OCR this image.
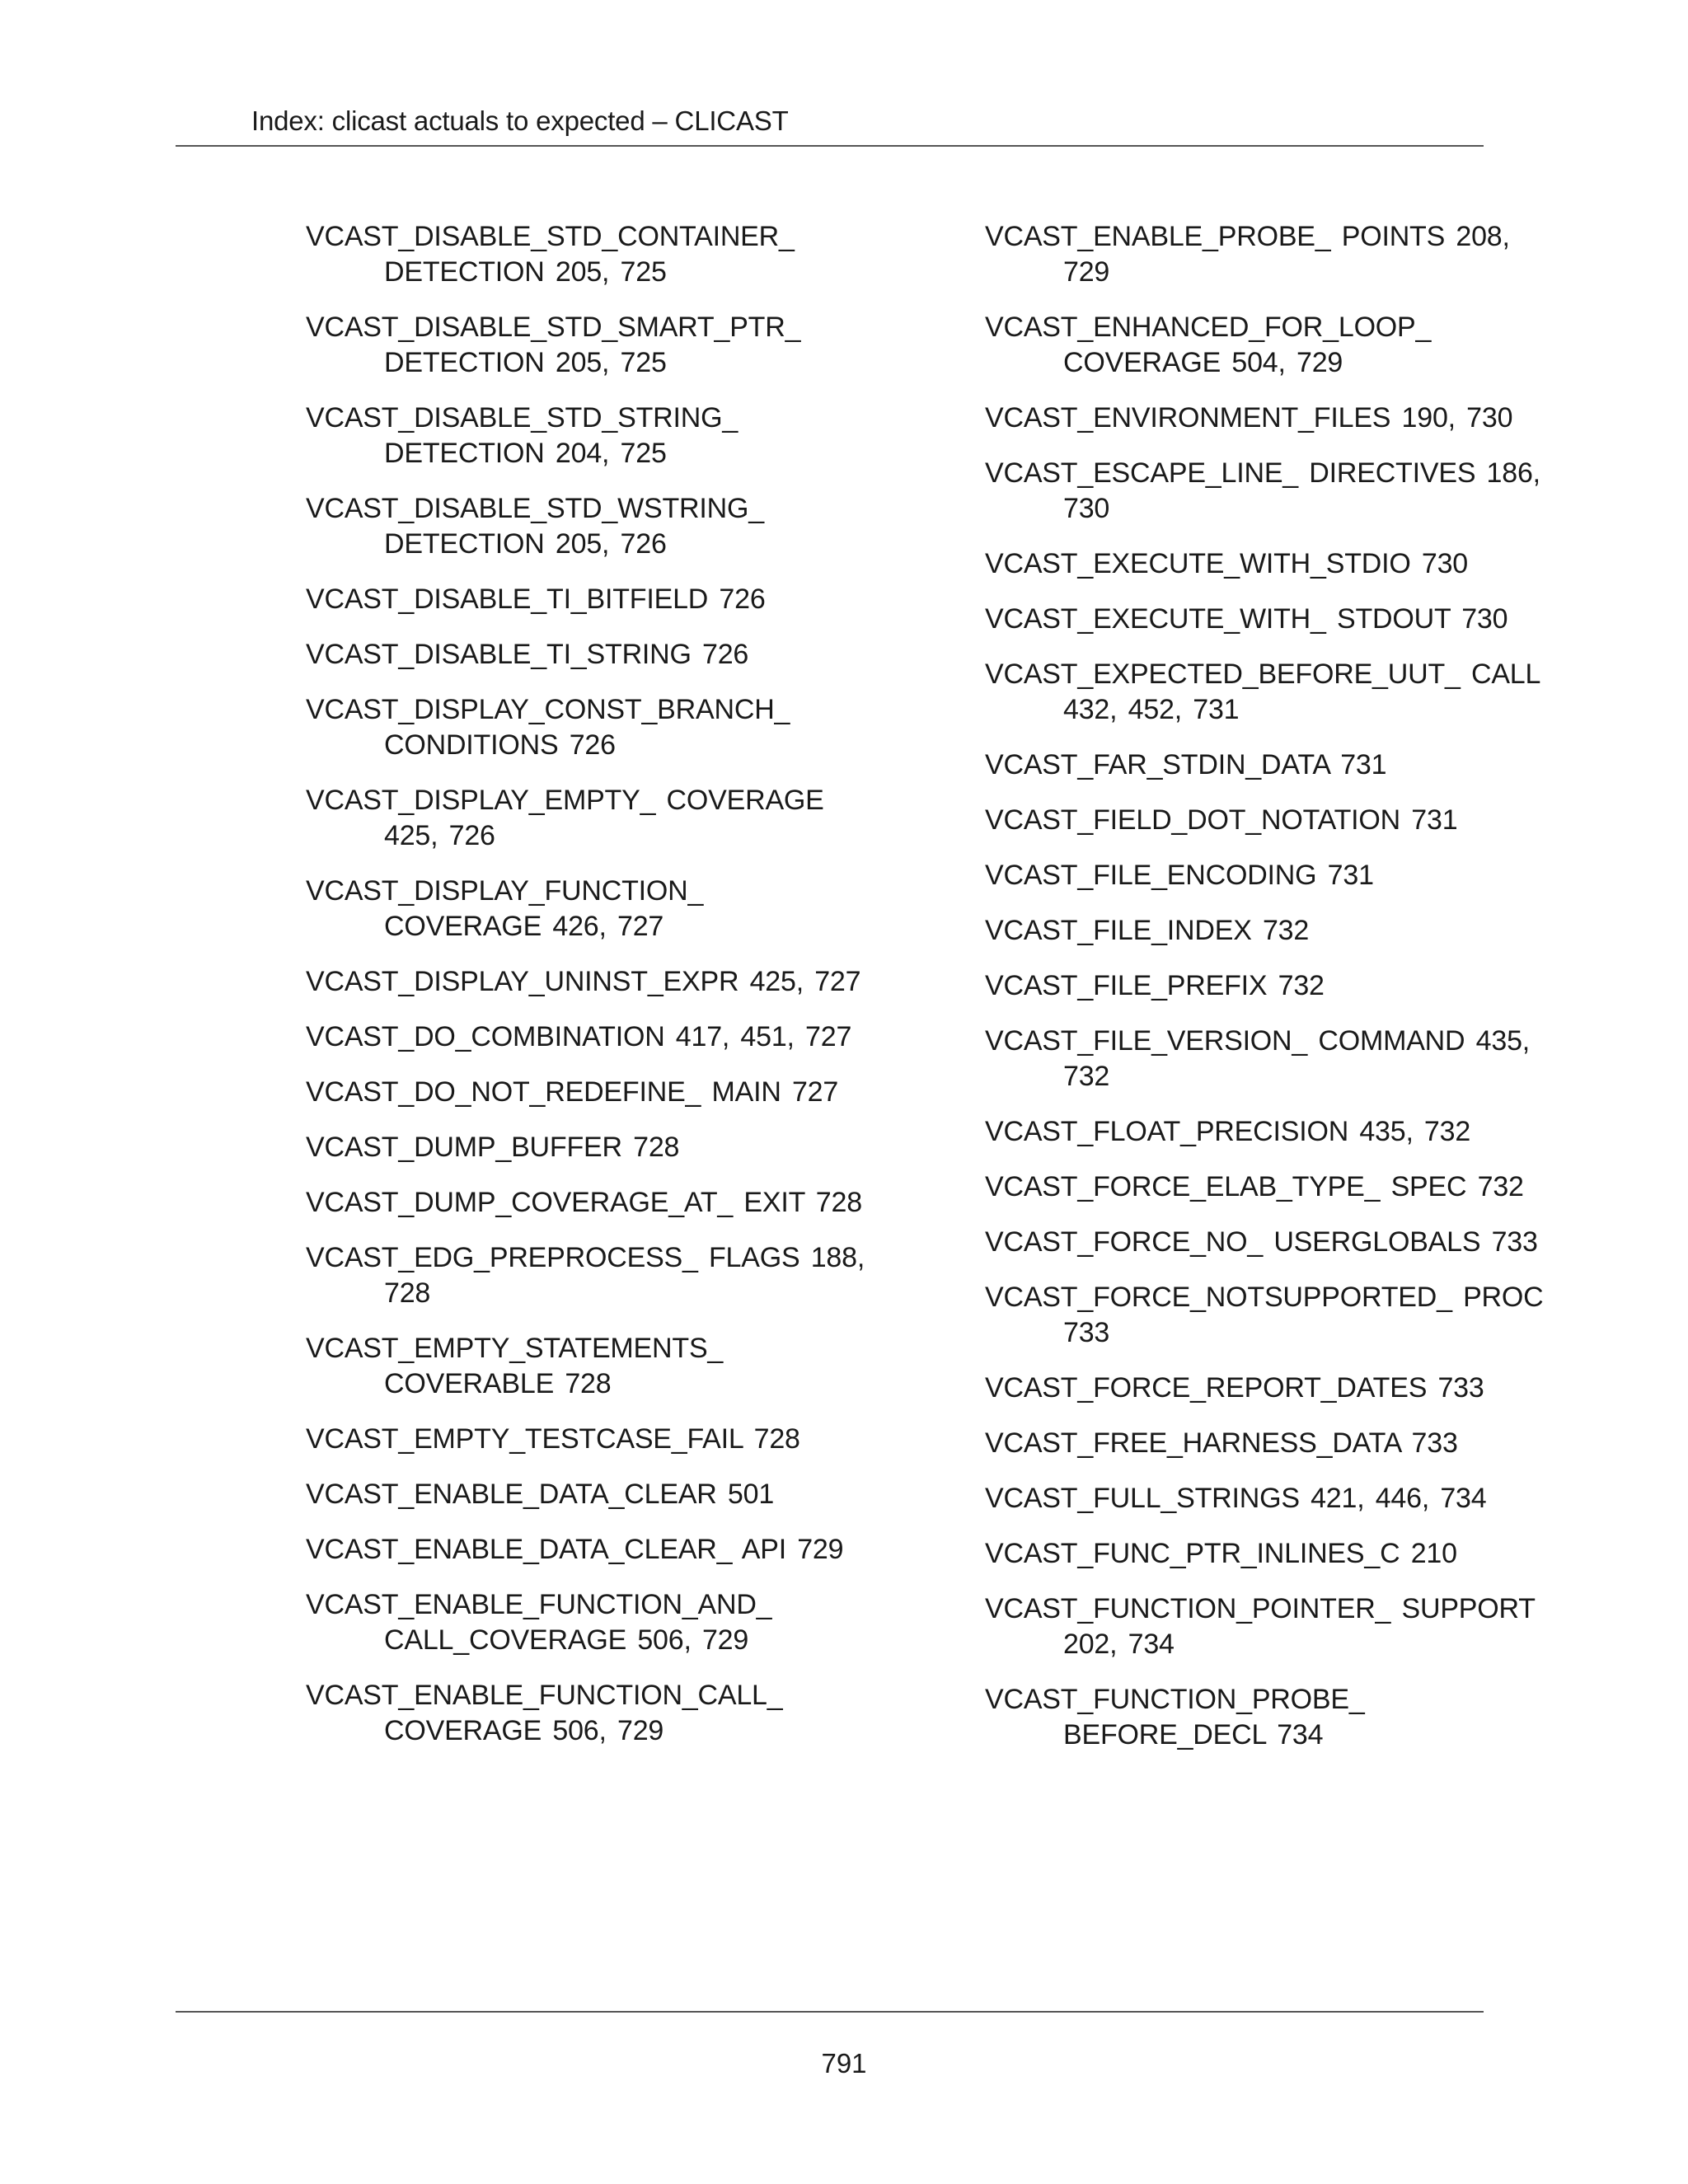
Index: clicast actuals to expected – CLICAST
VCAST_DISABLE_STD_CONTAINER_ DETECTION 205, 725
VCAST_DISABLE_STD_SMART_PTR_ DETECTION 205, 725
VCAST_DISABLE_STD_STRING_ DETECTION 204, 725
VCAST_DISABLE_STD_WSTRING_ DETECTION 205, 726
VCAST_DISABLE_TI_BITFIELD 726
VCAST_DISABLE_TI_STRING 726
VCAST_DISPLAY_CONST_BRANCH_ CONDITIONS 726
VCAST_DISPLAY_EMPTY_ COVERAGE 425, 726
VCAST_DISPLAY_FUNCTION_ COVERAGE 426, 727
VCAST_DISPLAY_UNINST_EXPR 425, 727
VCAST_DO_COMBINATION 417, 451, 727
VCAST_DO_NOT_REDEFINE_ MAIN 727
VCAST_DUMP_BUFFER 728
VCAST_DUMP_COVERAGE_AT_ EXIT 728
VCAST_EDG_PREPROCESS_ FLAGS 188, 728
VCAST_EMPTY_STATEMENTS_ COVERABLE 728
VCAST_EMPTY_TESTCASE_FAIL 728
VCAST_ENABLE_DATA_CLEAR 501
VCAST_ENABLE_DATA_CLEAR_ API 729
VCAST_ENABLE_FUNCTION_AND_ CALL_COVERAGE 506, 729
VCAST_ENABLE_FUNCTION_CALL_ COVERAGE 506, 729
VCAST_ENABLE_PROBE_ POINTS 208, 729
VCAST_ENHANCED_FOR_LOOP_ COVERAGE 504, 729
VCAST_ENVIRONMENT_FILES 190, 730
VCAST_ESCAPE_LINE_ DIRECTIVES 186, 730
VCAST_EXECUTE_WITH_STDIO 730
VCAST_EXECUTE_WITH_ STDOUT 730
VCAST_EXPECTED_BEFORE_UUT_ CALL 432, 452, 731
VCAST_FAR_STDIN_DATA 731
VCAST_FIELD_DOT_NOTATION 731
VCAST_FILE_ENCODING 731
VCAST_FILE_INDEX 732
VCAST_FILE_PREFIX 732
VCAST_FILE_VERSION_ COMMAND 435, 732
VCAST_FLOAT_PRECISION 435, 732
VCAST_FORCE_ELAB_TYPE_ SPEC 732
VCAST_FORCE_NO_ USERGLOBALS 733
VCAST_FORCE_NOTSUPPORTED_ PROC 733
VCAST_FORCE_REPORT_DATES 733
VCAST_FREE_HARNESS_DATA 733
VCAST_FULL_STRINGS 421, 446, 734
VCAST_FUNC_PTR_INLINES_C 210
VCAST_FUNCTION_POINTER_ SUPPORT 202, 734
VCAST_FUNCTION_PROBE_ BEFORE_DECL 734
791
